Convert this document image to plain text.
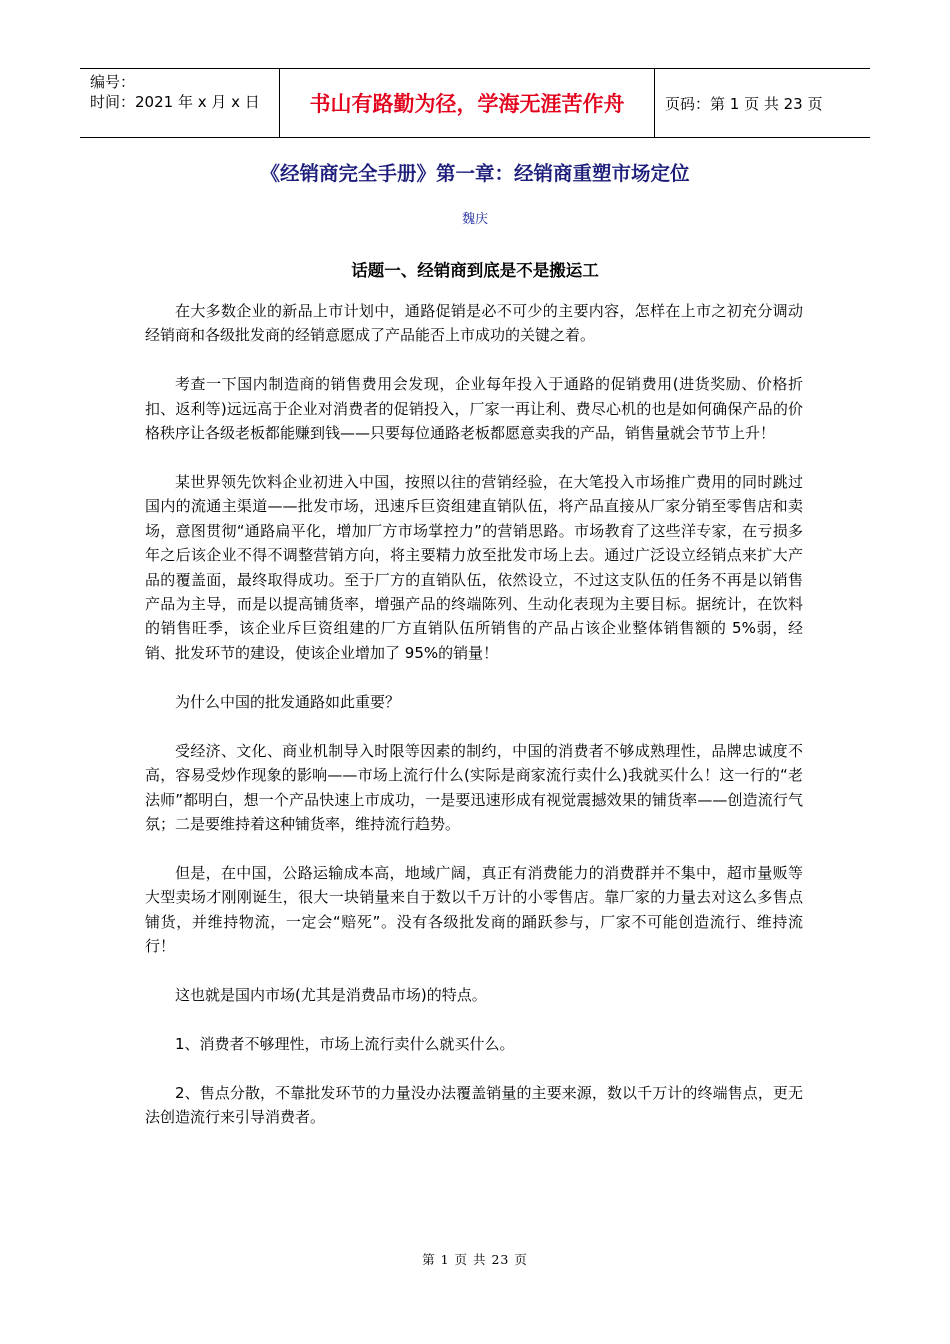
编号：
时间：2021 年 x 月 x 日	书山有路勤为径，学海无涯苦作舟	页码：第 1 页 共 23 页
《经销商完全手册》第一章：经销商重塑市场定位
魏庆
话题一、经销商到底是不是搬运工

在大多数企业的新品上市计划中，通路促销是必不可少的主要内容，怎样在上市之初充分调动经销商和各级批发商的经销意愿成了产品能否上市成功的关键之着。

考查一下国内制造商的销售费用会发现，企业每年投入于通路的促销费用(进货奖励、价格折扣、返利等)远远高于企业对消费者的促销投入，厂家一再让利、费尽心机的也是如何确保产品的价格秩序让各级老板都能赚到钱——只要每位通路老板都愿意卖我的产品，销售量就会节节上升！

某世界领先饮料企业初进入中国，按照以往的营销经验，在大笔投入市场推广费用的同时跳过国内的流通主渠道——批发市场，迅速斥巨资组建直销队伍，将产品直接从厂家分销至零售店和卖场，意图贯彻“通路扁平化，增加厂方市场掌控力”的营销思路。市场教育了这些洋专家，在亏损多年之后该企业不得不调整营销方向，将主要精力放至批发市场上去。通过广泛设立经销点来扩大产品的覆盖面，最终取得成功。至于厂方的直销队伍，依然设立，不过这支队伍的任务不再是以销售产品为主导，而是以提高铺货率，增强产品的终端陈列、生动化表现为主要目标。据统计，在饮料的销售旺季，该企业斥巨资组建的厂方直销队伍所销售的产品占该企业整体销售额的 5%弱，经销、批发环节的建设，使该企业增加了 95%的销量！

为什么中国的批发通路如此重要？

受经济、文化、商业机制导入时限等因素的制约，中国的消费者不够成熟理性，品牌忠诚度不高，容易受炒作现象的影响——市场上流行什么(实际是商家流行卖什么)我就买什么！这一行的“老法师”都明白，想一个产品快速上市成功，一是要迅速形成有视觉震撼效果的铺货率——创造流行气氛；二是要维持着这种铺货率，维持流行趋势。

但是，在中国，公路运输成本高，地域广阔，真正有消费能力的消费群并不集中，超市量贩等大型卖场才刚刚诞生，很大一块销量来自于数以千万计的小零售店。靠厂家的力量去对这么多售点铺货，并维持物流，一定会“赔死”。没有各级批发商的踊跃参与，厂家不可能创造流行、维持流行！

这也就是国内市场(尤其是消费品市场)的特点。

1、消费者不够理性，市场上流行卖什么就买什么。

2、售点分散，不靠批发环节的力量没办法覆盖销量的主要来源，数以千万计的终端售点，更无法创造流行来引导消费者。

第 1 页 共 23 页
